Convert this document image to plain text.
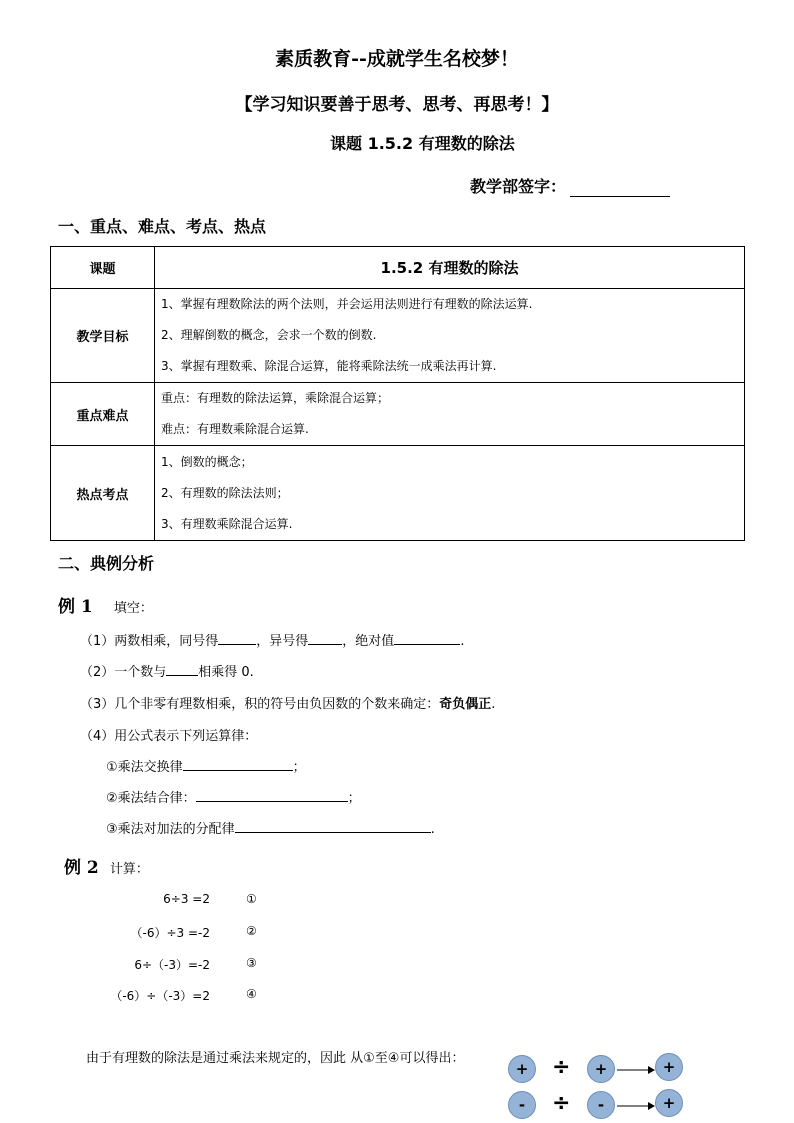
素质教育--成就学生名校梦！
【学习知识要善于思考、思考、再思考！】
课题 1.5.2 有理数的除法
教学部签字：
一、重点、难点、考点、热点
课题	1.5.2 有理数的除法
教学目标	1、掌握有理数除法的两个法则，并会运用法则进行有理数的除法运算.
2、理解倒数的概念，会求一个数的倒数.
3、掌握有理数乘、除混合运算，能将乘除法统一成乘法再计算.

重点难点	重点：有理数的除法运算，乘除混合运算；
难点：有理数乘除混合运算.

热点考点	1、倒数的概念；
2、有理数的除法法则；
3、有理数乘除混合运算.
二、典例分析
例 1 填空：
（1）两数相乘，同号得	，异号得	，绝对值	.
（2）一个数与 相乘得 0.
（3）几个非零有理数相乘，积的符号由负因数的个数来确定：奇负偶正.
（4）用公式表示下列运算律：
①乘法交换律	；
②乘法结合律：	；
③乘法对加法的分配律	.
例 2 计算：
6÷3 =2	①
（-6）÷3 =-2	②
6÷（-3）=-2	③
（-6）÷（-3）=2	④
由于有理数的除法是通过乘法来规定的，因此 从①至④可以得出：
+	÷	+	+
-	÷	-	+
